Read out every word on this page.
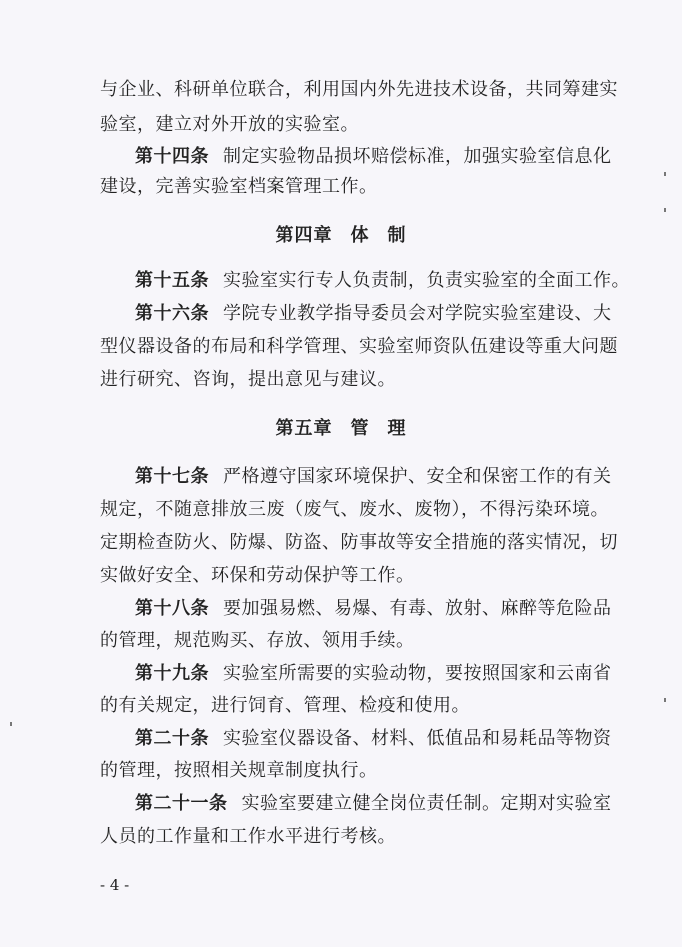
与企业、科研单位联合，利用国内外先进技术设备，共同筹建实
验室，建立对外开放的实验室。
第十四条 制定实验物品损坏赔偿标准，加强实验室信息化
建设，完善实验室档案管理工作。
第四章 体 制
第十五条 实验室实行专人负责制，负责实验室的全面工作。
第十六条 学院专业教学指导委员会对学院实验室建设、大
型仪器设备的布局和科学管理、实验室师资队伍建设等重大问题
进行研究、咨询，提出意见与建议。
第五章 管 理
第十七条 严格遵守国家环境保护、安全和保密工作的有关
规定，不随意排放三废（废气、废水、废物），不得污染环境。
定期检查防火、防爆、防盗、防事故等安全措施的落实情况，切
实做好安全、环保和劳动保护等工作。
第十八条 要加强易燃、易爆、有毒、放射、麻醉等危险品
的管理，规范购买、存放、领用手续。
第十九条 实验室所需要的实验动物，要按照国家和云南省
的有关规定，进行饲育、管理、检疫和使用。
第二十条 实验室仪器设备、材料、低值品和易耗品等物资
的管理，按照相关规章制度执行。
第二十一条 实验室要建立健全岗位责任制。定期对实验室
人员的工作量和工作水平进行考核。
- 4 -
